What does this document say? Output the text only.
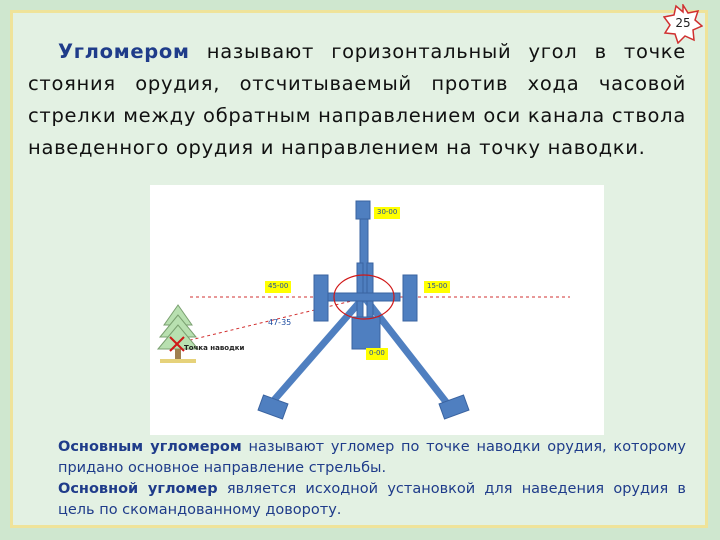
25
Угломером называют горизонтальный угол в точке стояния орудия, отсчитываемый против хода часовой стрелки между обратным направлением оси канала ствола наведенного орудия и направлением на точку наводки.
30-00
45-00	15-00
0-00
47-35
Точка наводки

Основным угломером называют угломер по точке наводки орудия, которому придано основное направление стрельбы.

Основной угломер является исходной установкой для наведения орудия в цель по скомандованному довороту.
